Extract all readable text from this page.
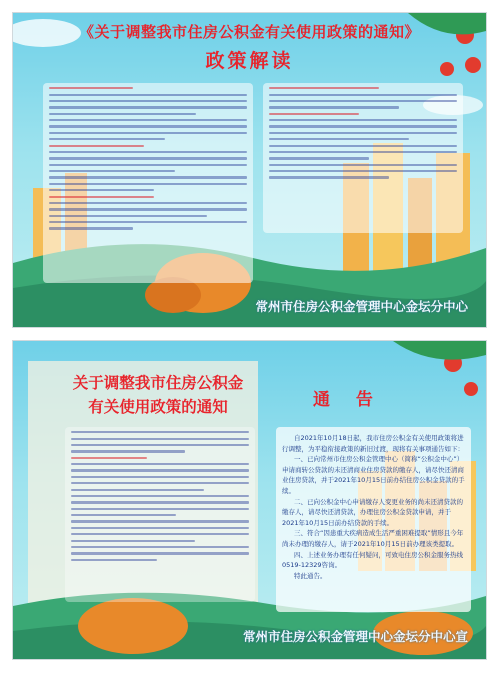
《关于调整我市住房公积金有关使用政策的通知》
政策解读
常州市住房公积金管理中心金坛分中心
关于调整我市住房公积金
有关使用政策的通知	通 告

自2021年10月18日起，我市住房公积金有关使用政策将进行调整，为平稳衔接政策的新旧过渡，现将有关事项通告如下：

一、已向常州市住房公积金管理中心（简称“公积金中心”）申请商转公贷款的未还清商业住房贷款的缴存人，请尽快还清商业住房贷款，并于2021年10月15日前办结住房公积金贷款的手续。

二、已向公积金中心申请缴存人变更业务的尚未还清贷款的缴存人，请尽快还清贷款，办理住房公积金贷款申请，并于2021年10月15日前办结贷款的手续。

三、符合“因患重大疾病造成生活严重困难提取”情形且今年尚未办理的缴存人，请于2021年10月15日前办理该类提取。

四、上述业务办理有任何疑问，可致电住房公积金服务热线0519-12329咨询。

特此通告。

常州市住房公积金管理中心金坛分中心宣
